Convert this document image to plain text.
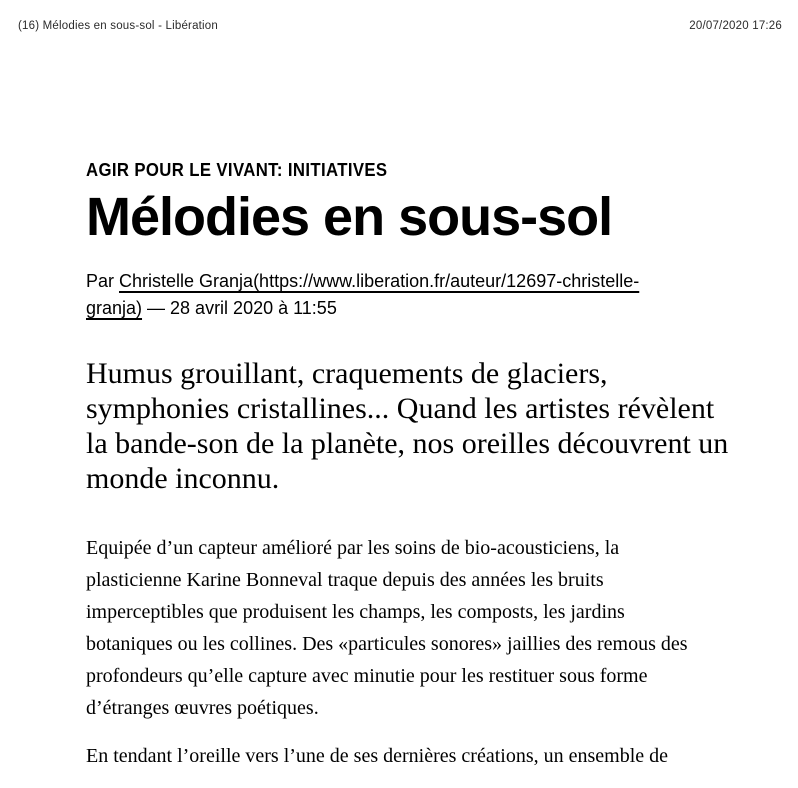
(16) Mélodies en sous-sol - Libération	20/07/2020 17:26
AGIR POUR LE VIVANT: INITIATIVES
Mélodies en sous-sol

Par Christelle Granja(https://www.liberation.fr/auteur/12697-christelle-granja) — 28 avril 2020 à 11:55

Humus grouillant, craquements de glaciers, symphonies cristallines... Quand les artistes révèlent la bande-son de la planète, nos oreilles découvrent un monde inconnu.

Equipée d’un capteur amélioré par les soins de bio-acousticiens, la plasticienne Karine Bonneval traque depuis des années les bruits imperceptibles que produisent les champs, les composts, les jardins botaniques ou les collines. Des «particules sonores» jaillies des remous des profondeurs qu’elle capture avec minutie pour les restituer sous forme d’étranges œuvres poétiques.

En tendant l’oreille vers l’une de ses dernières créations, un ensemble de
